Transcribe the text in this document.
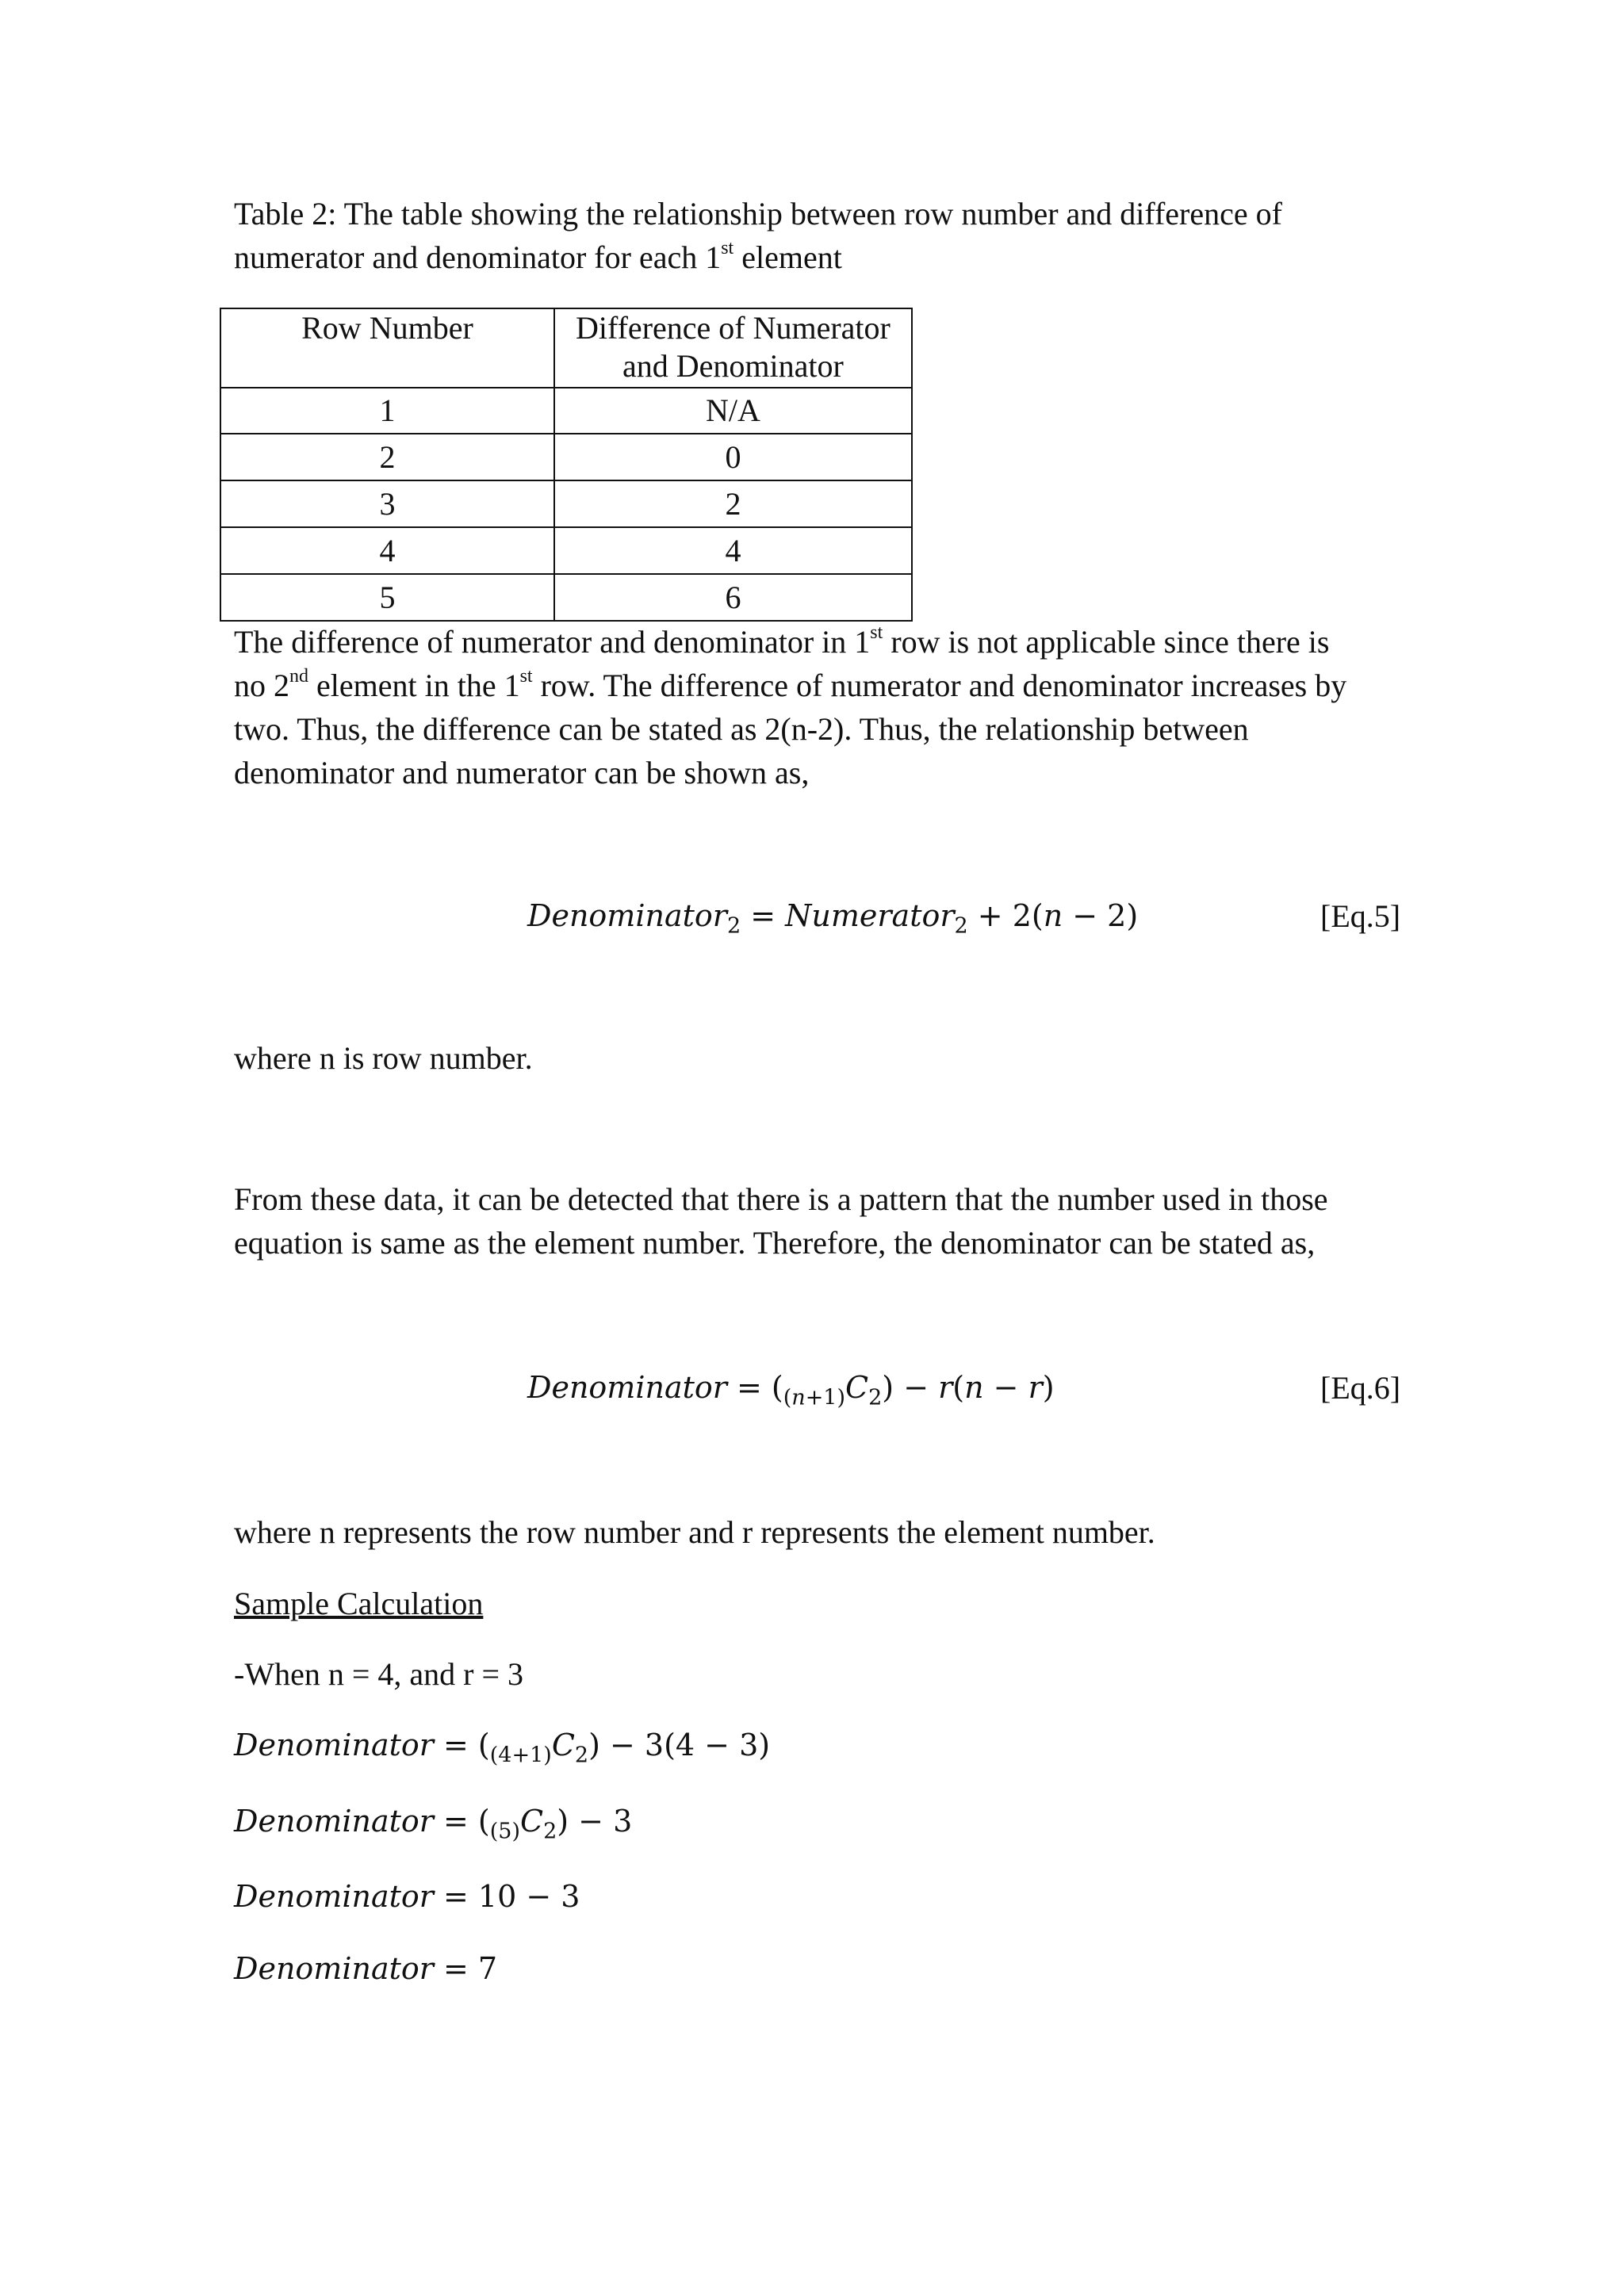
Table 2: The table showing the relationship between row number and difference of
numerator and denominator for each 1st element
Row Number	Difference of Numerator
and Denominator

1	N/A
2	0
3	2
4	4
5	6
The difference of numerator and denominator in 1st row is not applicable since there is
no 2nd element in the 1st row. The difference of numerator and denominator increases by
two. Thus, the difference can be stated as 2(n-2). Thus, the relationship between
denominator and numerator can be shown as,
Denominator$_2$ = Numerator$_2$ + 2(𝑛 − 2)	[Eq.5]
where n is row number.
From these data, it can be detected that there is a pattern that the number used in those
equation is same as the element number. Therefore, the denominator can be stated as,
Denominator = $(_{(𝑛+1)}C_2)$ − 𝑟(𝑛 − 𝑟)	[Eq.6]
where n represents the row number and r represents the element number.
Sample Calculation
-When n = 4, and r = 3
Denominator = $(_{(4+1)}C_2) - 3(4 - 3)$
Denominator = $(_{(5)}C_2) - 3$
Denominator = 10 − 3
Denominator = 7
